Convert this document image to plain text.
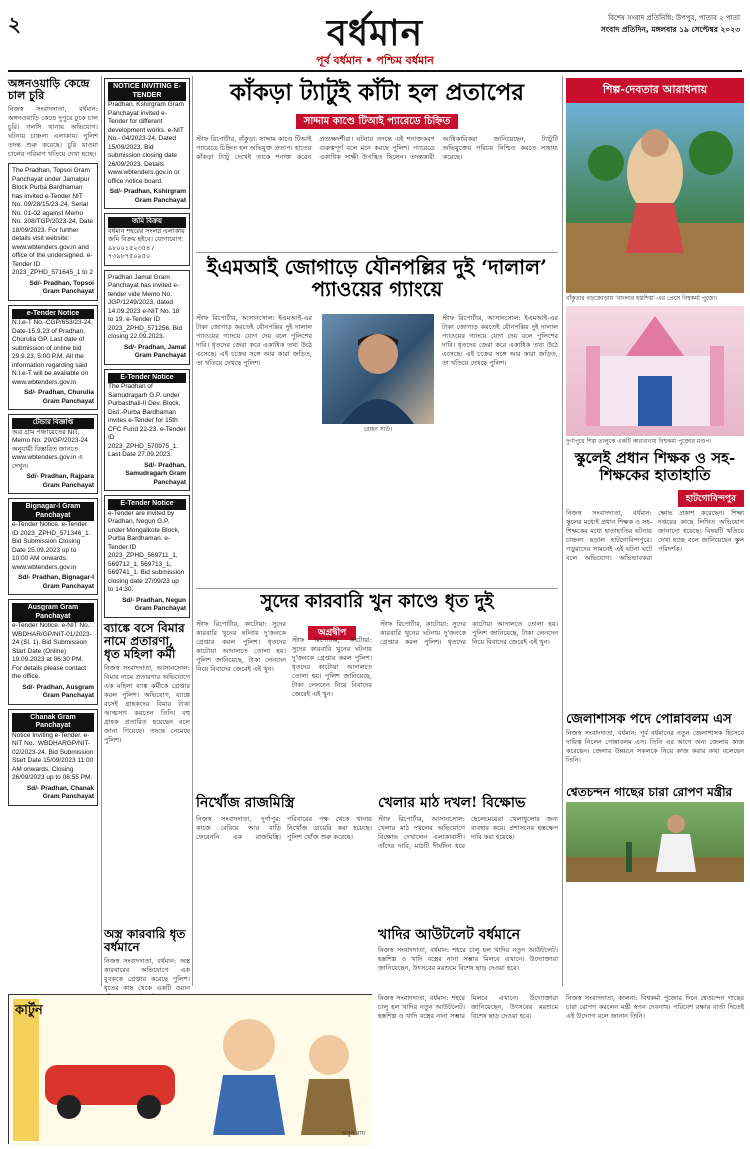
২	বর্ধমান	বিশেষ সংবাদ প্রতিনিধি: উপপুর, পাতাব ২ পাতা
সংবাদ প্রতিদিন, মঙ্গলবার ১৯ সেপ্টেম্বর ২০২৩
পূর্ব বর্ধমান • পশ্চিম বর্ধমান
অঙ্গনওয়াড়ি কেন্দ্রে চাল চুরি
নিজস্ব সংবাদদাতা, বর্ধমান: অঙ্গনওয়াড়ি কেন্দ্রে দুপুরে ঢুকে চাল চুরি। গলসি থানায় অভিযোগ। ঘটনায় চাঞ্চল্য এলাকায়। পুলিশ তদন্ত শুরু করেছে। চুরি যাওয়া চালের পরিমাণ খতিয়ে দেখা হচ্ছে।
The Pradhan, Topsoi Gram Panchayat under Jamalpur Block Purba Bardhaman has invited e-Tender NIT No. 09/28/15/23-24, Serial No. 01-02 against Memo No. 208/TGP/2023-24, Date 18/09/2023. For further details visit website: www.wbtenders.gov.in and office of the undersigned. e-Tender ID 2023_ZPHD_571645_1 to 2
Sd/- Pradhan, Topsoi Gram Panchayat
e-Tender Notice
N.I.e-T No.-CGP/653/23-24, Date-15.9.23 of Pradhan, Churulia GP. Last date of submission of online bid 29.9.23, 5:00 P.M. All the information regarding said N.I.e-T will be available on www.wbtenders.gov.in
Sd/- Pradhan, Churulia Gram Panchayat
টেন্ডার বিজ্ঞপ্তি
অত্র গ্রাম পঞ্চায়েতের NIT, Memo No. 29/GP/2023-24 অনুযায়ী বিস্তারিত জানতে www.wbtenders.gov.in এ দেখুন।
Sd/- Pradhan, Rajpara Gram Panchayat
Bignagar-I Gram Panchayat
e-Tender Notice. e-Tender ID 2023_ZPHD_571346_1. Bid Submission Closing Date 25.09.2023 up to 10:00 AM onwards. www.wbtenders.gov.in
Sd/- Pradhan, Bignagar-I Gram Panchayat
Ausgram Gram Panchayat
e-Tender Notice. e-NIT No.: WBDHAR/GP/NIT-01/2023-24 (Sl. 1). Bid Submission Start Date (Online) 19.09.2023 at 06:30 PM. For details please contact the office.
Sd/- Pradhan, Ausgram Gram Panchayat
Chanak Gram Panchayat
Notice Inviting e-Tender. e-NIT No.: WBDHARGP/NIT-02/2023-24. Bid Submission Start Date 15/09/2023 11:00 AM onwards. Closing 26/09/2023 up to 06:55 PM.
Sd/- Pradhan, Chanak Gram Panchayat
NOTICE INVITING E-TENDER
Pradhan, Kshirgram Gram Panchayat invited e-Tender for different development works. e-NIT No.- 04/2023-24, Dated 15/09/2023. Bid submission closing date 26/09/2023. Details www.wbtenders.gov.in or office notice board.
Sd/- Pradhan, Kshirgram Gram Panchayat
জমি বিক্রয়
বর্ধমান শহরের সংলগ্ন এলাকায় জমি বিক্রয় হইবে। যোগাযোগ: ৯৮০০১৫২৩৫৪ / ৭৩৯৮৭৫০৯৫০
Pradhan Jamal Gram Panchayat has invited e-tender vide Memo No. JGP/1249/2023, dated 14.09.2023 e-NIT No. 18 to 19. e-Tender ID 2023_ZPHD_571256. Bid closing 22.09.2023.
Sd/- Pradhan, Jamal Gram Panchayat
E-Tender Notice
The Pradhan of Samudragarh G.P. under Purbasthali-II Dev. Block, Dist.-Purba Bardhaman invites e-Tender for 15th CFC Fund 22-23. e-Tender ID 2023_ZPHD_570975_1. Last Date 27.09.2023.
Sd/- Pradhan, Samudragarh Gram Panchayat
E-Tender Notice
e-Tender are invited by Pradhan, Negun G.P. under Mongalkote Block, Purba Bardhaman. e-Tender ID 2023_ZPHD_569711_1, 569712_1, 569713_1, 569741_1. Bid submission closing date 27/09/23 up to 14:30.
Sd/- Pradhan, Negun Gram Panchayat
ব্যাঙ্কে বসে বিমার নামে প্রতারণা, ধৃত মহিলা কর্মী
নিজস্ব সংবাদদাতা, আসানসোল: বিমার নামে প্রতারণার অভিযোগে এক মহিলা ব্যাঙ্ক কর্মীকে গ্রেপ্তার করল পুলিশ। অভিযোগ, ব্যাঙ্কে বসেই গ্রাহকদের বিমার টাকা আত্মসাৎ করতেন তিনি। বহু গ্রাহক প্রতারিত হয়েছেন বলে জানা গিয়েছে। তদন্তে নেমেছে পুলিশ।
অস্ত্র কারবারি ধৃত বর্ধমানে
নিজস্ব সংবাদদাতা, বর্ধমান: অস্ত্র কারবারের অভিযোগে এক যুবককে গ্রেপ্তার করেছে পুলিশ। ধৃতের কাছ থেকে একটি ওয়ান
কাঁকড়া ট্যাটুই কাঁটা হল প্রতাপের
সাদ্দাম কাণ্ডে টিআই প্যারেডে চিহ্নিত
স্টাফ রিপোর্টার, বাঁকুড়া: সাদ্দাম কাণ্ডে টিআই প্যারেডে চিহ্নিত হল অভিযুক্ত প্রতাপ। হাতের কাঁকড়া ট্যাটু দেখেই তাকে শনাক্ত করেন প্রত্যক্ষদর্শীরা। ঘটনার তদন্তে এই শনাক্তকরণ গুরুত্বপূর্ণ বলে মনে করছে পুলিশ। প্যারেডে একাধিক সাক্ষী উপস্থিত ছিলেন। তদন্তকারী আধিকারিকরা জানিয়েছেন, ট্যাটুটি অভিযুক্তের পরিচয় নিশ্চিত করতে সাহায্য করেছে।
ইএমআই জোগাড়ে যৌনপল্লির দুই ‘দালাল’ প্যাওয়ের গ্যাংয়ে
স্টাফ রিপোর্টার, আসানসোল: ইএমআই-এর টাকা জোগাড় করতেই যৌনপল্লির দুই দালাল প্যাওয়ের গ্যাংয়ে যোগ দেয় বলে পুলিশের দাবি। ধৃতদের জেরা করে একাধিক তথ্য উঠে এসেছে। এই চক্রের সঙ্গে আর কারা জড়িত, তা খতিয়ে দেখছে পুলিশ।
রোহন সাউ।
স্টাফ রিপোর্টার, আসানসোল: ইএমআই-এর টাকা জোগাড় করতেই যৌনপল্লির দুই দালাল প্যাওয়ের গ্যাংয়ে যোগ দেয় বলে পুলিশের দাবি। ধৃতদের জেরা করে একাধিক তথ্য উঠে এসেছে। এই চক্রের সঙ্গে আর কারা জড়িত, তা খতিয়ে দেখছে পুলিশ।
সুদের কারবারি খুন কাণ্ডে ধৃত দুই
স্টাফ রিপোর্টার, কাটোয়া: সুদের কারবারি খুনের ঘটনায় দু'জনকে গ্রেপ্তার করল পুলিশ। ধৃতদের কাটোয়া আদালতে তোলা হয়। পুলিশ জানিয়েছে, টাকা লেনদেন নিয়ে বিবাদের জেরেই এই খুন।
অগ্রদ্বীপ
স্টাফ রিপোর্টার, কাটোয়া: সুদের কারবারি খুনের ঘটনায় দু'জনকে গ্রেপ্তার করল পুলিশ। ধৃতদের কাটোয়া আদালতে তোলা হয়। পুলিশ জানিয়েছে, টাকা লেনদেন নিয়ে বিবাদের জেরেই এই খুন।
স্টাফ রিপোর্টার, কাটোয়া: সুদের কারবারি খুনের ঘটনায় দু'জনকে গ্রেপ্তার করল পুলিশ। ধৃতদের কাটোয়া আদালতে তোলা হয়। পুলিশ জানিয়েছে, টাকা লেনদেন নিয়ে বিবাদের জেরেই এই খুন।
নির্খোঁজ রাজমিস্ত্রি
নিজস্ব সংবাদদাতা, দুর্গাপুর: কাজে বেরিয়ে আর বাড়ি ফেরেননি এক রাজমিস্ত্রি। পরিবারের পক্ষ থেকে থানায় নিখোঁজ ডায়েরি করা হয়েছে। পুলিশ খোঁজ শুরু করেছে।
খেলার মাঠ দখল! বিক্ষোভ
স্টাফ রিপোর্টার, আসানসোল: খেলার মাঠ দখলের অভিযোগে বিক্ষোভ দেখালেন এলাকাবাসী। তাঁদের দাবি, মাঠটি দীর্ঘদিন ধরে ছেলেমেয়েরা খেলাধুলোর জন্য ব্যবহার করে। প্রশাসনের হস্তক্ষেপ দাবি করা হয়েছে।
খাদির আউটলেট বর্ধমানে
নিজস্ব সংবাদদাতা, বর্ধমান: শহরে চালু হল খাদির নতুন আউটলেট। হস্তশিল্প ও খাদি বস্ত্রের নানা সম্ভার মিলবে এখানে। উদ্যোক্তারা জানিয়েছেন, উৎসবের মরশুমে বিশেষ ছাড় দেওয়া হবে।
শিল্প-দেবতার আরাধনায়
বাঁকুড়ার বড়জোড়ায় ‘বাংলার হস্তশিল্প’-এর প্রেসে বিশ্বকর্মা পুজো।
দুর্গাপুরে শিল্প তালুকে একটি কারখানায় বিশ্বকর্মা পুজোর মণ্ডপ।
স্কুলেই প্রধান শিক্ষক ও সহ-শিক্ষকের হাতাহাতি
হাটগোবিন্দপুর
নিজস্ব সংবাদদাতা, বর্ধমান: স্কুলের মধ্যেই প্রধান শিক্ষক ও সহ-শিক্ষকের মধ্যে হাতাহাতির ঘটনায় চাঞ্চল্য ছড়াল হাটগোবিন্দপুরে। পড়ুয়াদের সামনেই এই ঘটনা ঘটে বলে অভিযোগ। অভিভাবকরা ক্ষোভ প্রকাশ করেছেন। শিক্ষা দপ্তরের কাছে লিখিত অভিযোগ জানানো হয়েছে। বিষয়টি খতিয়ে দেখা হচ্ছে বলে জানিয়েছেন স্কুল পরিদর্শক।
জেলাশাসক পদে পোন্নাবলম এস
নিজস্ব সংবাদদাতা, বর্ধমান: পূর্ব বর্ধমানের নতুন জেলাশাসক হিসেবে দায়িত্ব নিলেন পোন্নাবলম এস। তিনি এর আগে অন্য জেলায় কাজ করেছেন। জেলার উন্নয়নে সকলকে নিয়ে কাজ করার কথা বলেছেন তিনি।
শ্বেতচন্দন গাছের চারা রোপণ মন্ত্রীর
নিজস্ব সংবাদদাতা, কালনা: বিশ্বকর্মা পুজোর দিনে শ্বেতচন্দন গাছের চারা রোপণ করলেন মন্ত্রী স্বপন দেবনাথ। পরিবেশ রক্ষার বার্তা দিতেই এই উদ্যোগ বলে জানান তিনি।
কার্টুন
অনুপ রায়
নিজস্ব সংবাদদাতা, বর্ধমান: শহরে চালু হল খাদির নতুন আউটলেট। হস্তশিল্প ও খাদি বস্ত্রের নানা সম্ভার মিলবে এখানে। উদ্যোক্তারা জানিয়েছেন, উৎসবের মরশুমে বিশেষ ছাড় দেওয়া হবে।
